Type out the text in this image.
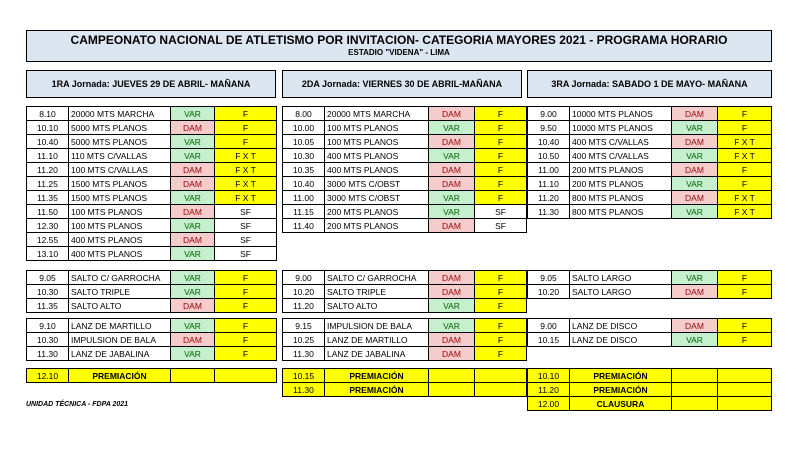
CAMPEONATO NACIONAL DE ATLETISMO POR INVITACION- CATEGORIA MAYORES 2021 - PROGRAMA HORARIO
ESTADIO "VIDENA" - LIMA
1RA Jornada: JUEVES 29 DE ABRIL- MAÑANA
8.10	20000 MTS MARCHA	VAR	F
10.10	5000 MTS PLANOS	DAM	F
10.40	5000 MTS PLANOS	VAR	F
11.10	110 MTS C/VALLAS	VAR	F X T
11.20	100 MTS C/VALLAS	DAM	F X T
11.25	1500 MTS PLANOS	DAM	F X T
11.35	1500 MTS PLANOS	VAR	F X T
11.50	100 MTS PLANOS	DAM	SF
12.30	100 MTS PLANOS	VAR	SF
12.55	400 MTS PLANOS	DAM	SF
13.10	400 MTS PLANOS	VAR	SF
9.05	SALTO C/ GARROCHA	VAR	F
10.30	SALTO TRIPLE	VAR	F
11.35	SALTO ALTO	DAM	F
9.10	LANZ DE MARTILLO	VAR	F
10.30	IMPULSION DE BALA	DAM	F
11.30	LANZ DE JABALINA	VAR	F
12.10	PREMIACIÓN		
2DA Jornada: VIERNES 30 DE ABRIL-MAÑANA
8.00	20000 MTS MARCHA	DAM	F
10.00	100 MTS PLANOS	VAR	F
10.05	100 MTS PLANOS	DAM	F
10.30	400 MTS PLANOS	VAR	F
10.35	400 MTS PLANOS	DAM	F
10.40	3000 MTS C/OBST	DAM	F
11.00	3000 MTS C/OBST	VAR	F
11.15	200 MTS PLANOS	VAR	SF
11.40	200 MTS PLANOS	DAM	SF
9.00	SALTO C/ GARROCHA	DAM	F
10.20	SALTO TRIPLE	DAM	F
11.20	SALTO ALTO	VAR	F
9.15	IMPULSION DE BALA	VAR	F
10.25	LANZ DE MARTILLO	DAM	F
11.30	LANZ DE JABALINA	DAM	F
10.15	PREMIACIÓN		
11.30	PREMIACIÓN		
3RA Jornada: SABADO 1 DE MAYO- MAÑANA
9.00	10000 MTS PLANOS	DAM	F
9.50	10000 MTS PLANOS	VAR	F
10.40	400 MTS C/VALLAS	DAM	F X T
10.50	400 MTS C/VALLAS	VAR	F X T
11.00	200 MTS PLANOS	DAM	F
11.10	200 MTS PLANOS	VAR	F
11.20	800 MTS PLANOS	DAM	F X T
11.30	800 MTS PLANOS	VAR	F X T
9.05	SALTO LARGO	VAR	F
10.20	SALTO LARGO	DAM	F
9.00	LANZ DE DISCO	DAM	F
10.15	LANZ DE DISCO	VAR	F
10.10	PREMIACIÓN		
11.20	PREMIACIÓN		
12.00	CLAUSURA		
UNIDAD TÉCNICA - FDPA 2021
